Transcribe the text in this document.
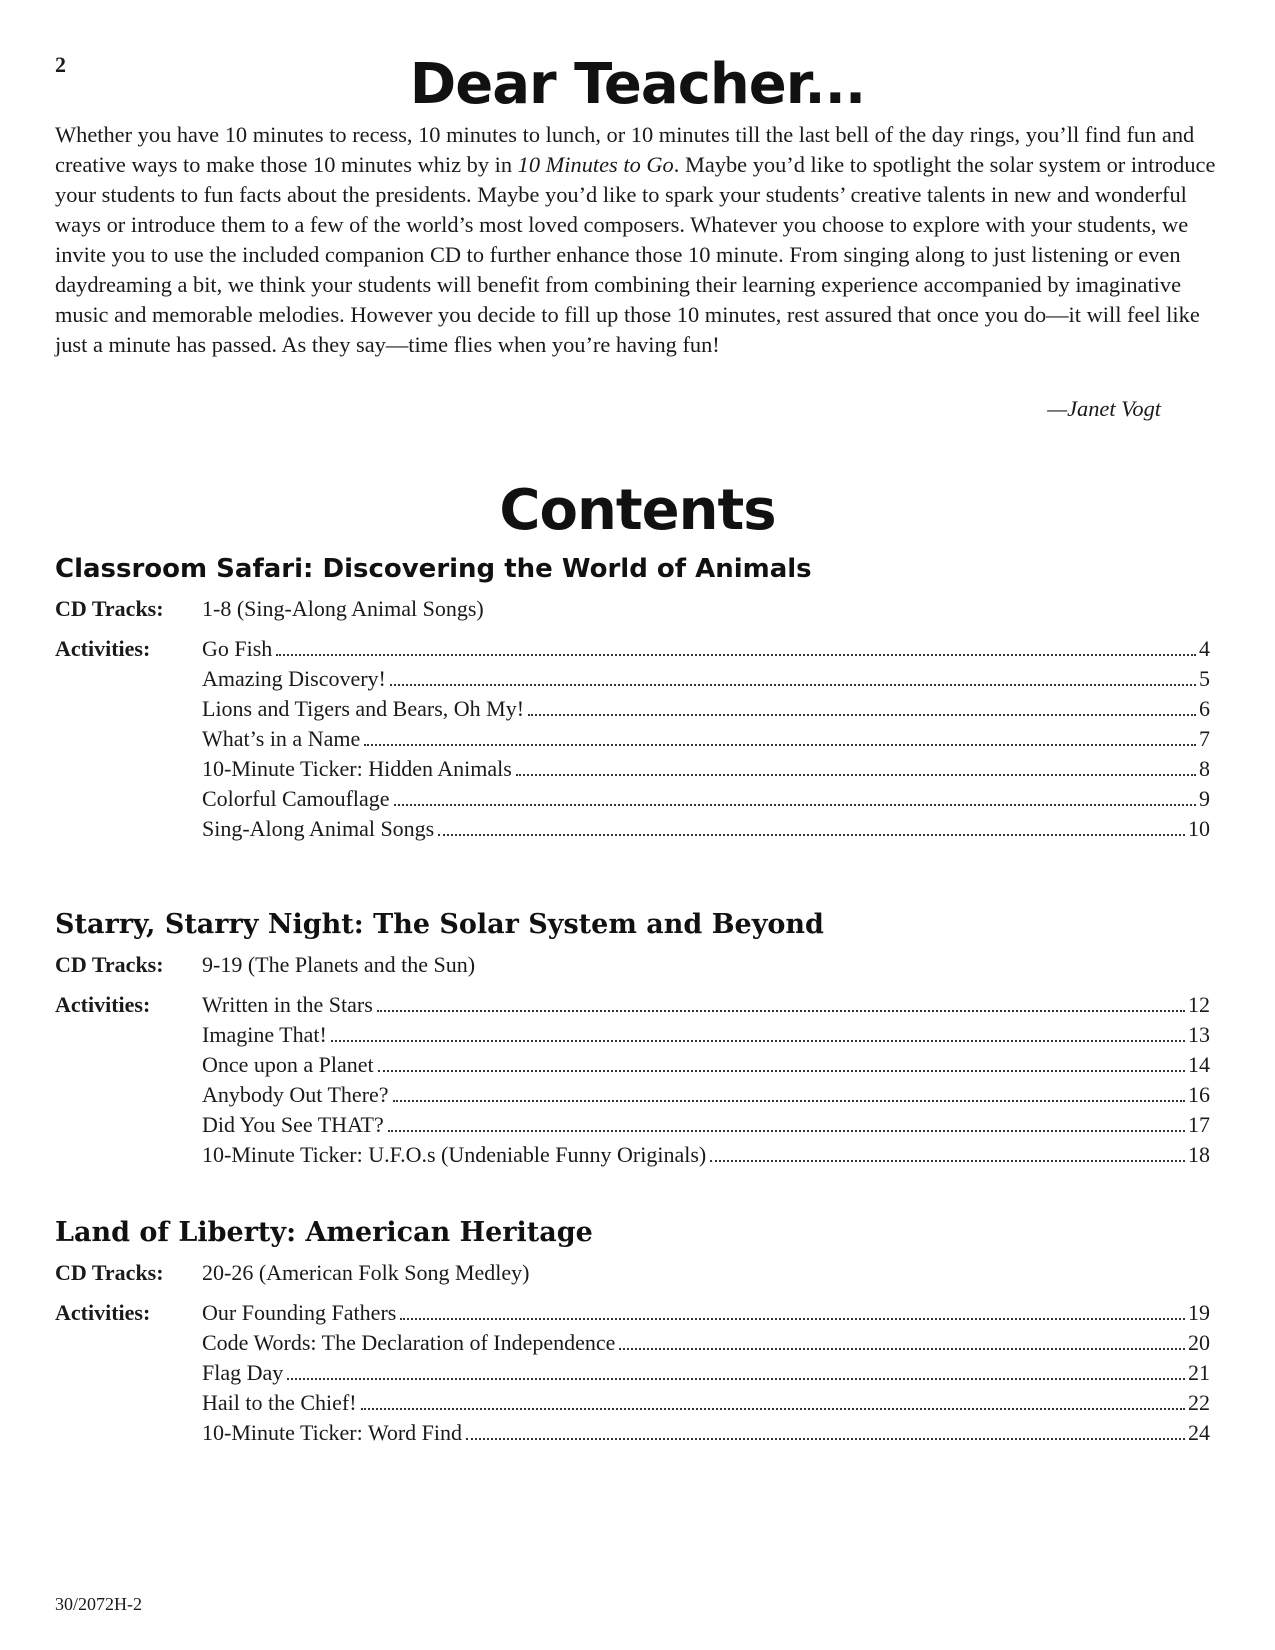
2	Dear Teacher...

Whether you have 10 minutes to recess, 10 minutes to lunch, or 10 minutes till the last bell of the day rings, you’ll find fun and creative ways to make those 10 minutes whiz by in 10 Minutes to Go. Maybe you’d like to spotlight the solar system or introduce your students to fun facts about the presidents. Maybe you’d like to spark your students’ creative talents in new and wonderful ways or introduce them to a few of the world’s most loved composers. Whatever you choose to explore with your students, we invite you to use the included companion CD to further enhance those 10 minute. From singing along to just listening or even daydreaming a bit, we think your students will benefit from combining their learning experience accompanied by imaginative music and memorable melodies. However you decide to fill up those 10 minutes, rest assured that once you do—it will feel like just a minute has passed. As they say—time flies when you’re having fun!

—Janet Vogt
Contents
Classroom Safari: Discovering the World of Animals
CD Tracks:	1-8 (Sing-Along Animal Songs)
Activities:	Go Fish	4
Amazing Discovery!	5
Lions and Tigers and Bears, Oh My!	6
What’s in a Name	7
10-Minute Ticker: Hidden Animals	8
Colorful Camouflage	9
Sing-Along Animal Songs	10
Starry, Starry Night: The Solar System and Beyond
CD Tracks:	9-19 (The Planets and the Sun)
Activities:	Written in the Stars	12
Imagine That!	13
Once upon a Planet	14
Anybody Out There?	16
Did You See THAT?	17
10-Minute Ticker: U.F.O.s (Undeniable Funny Originals)	18
Land of Liberty: American Heritage
CD Tracks:	20-26 (American Folk Song Medley)
Activities:	Our Founding Fathers	19
Code Words: The Declaration of Independence	20
Flag Day	21
Hail to the Chief!	22
10-Minute Ticker: Word Find	24
30/2072H-2
